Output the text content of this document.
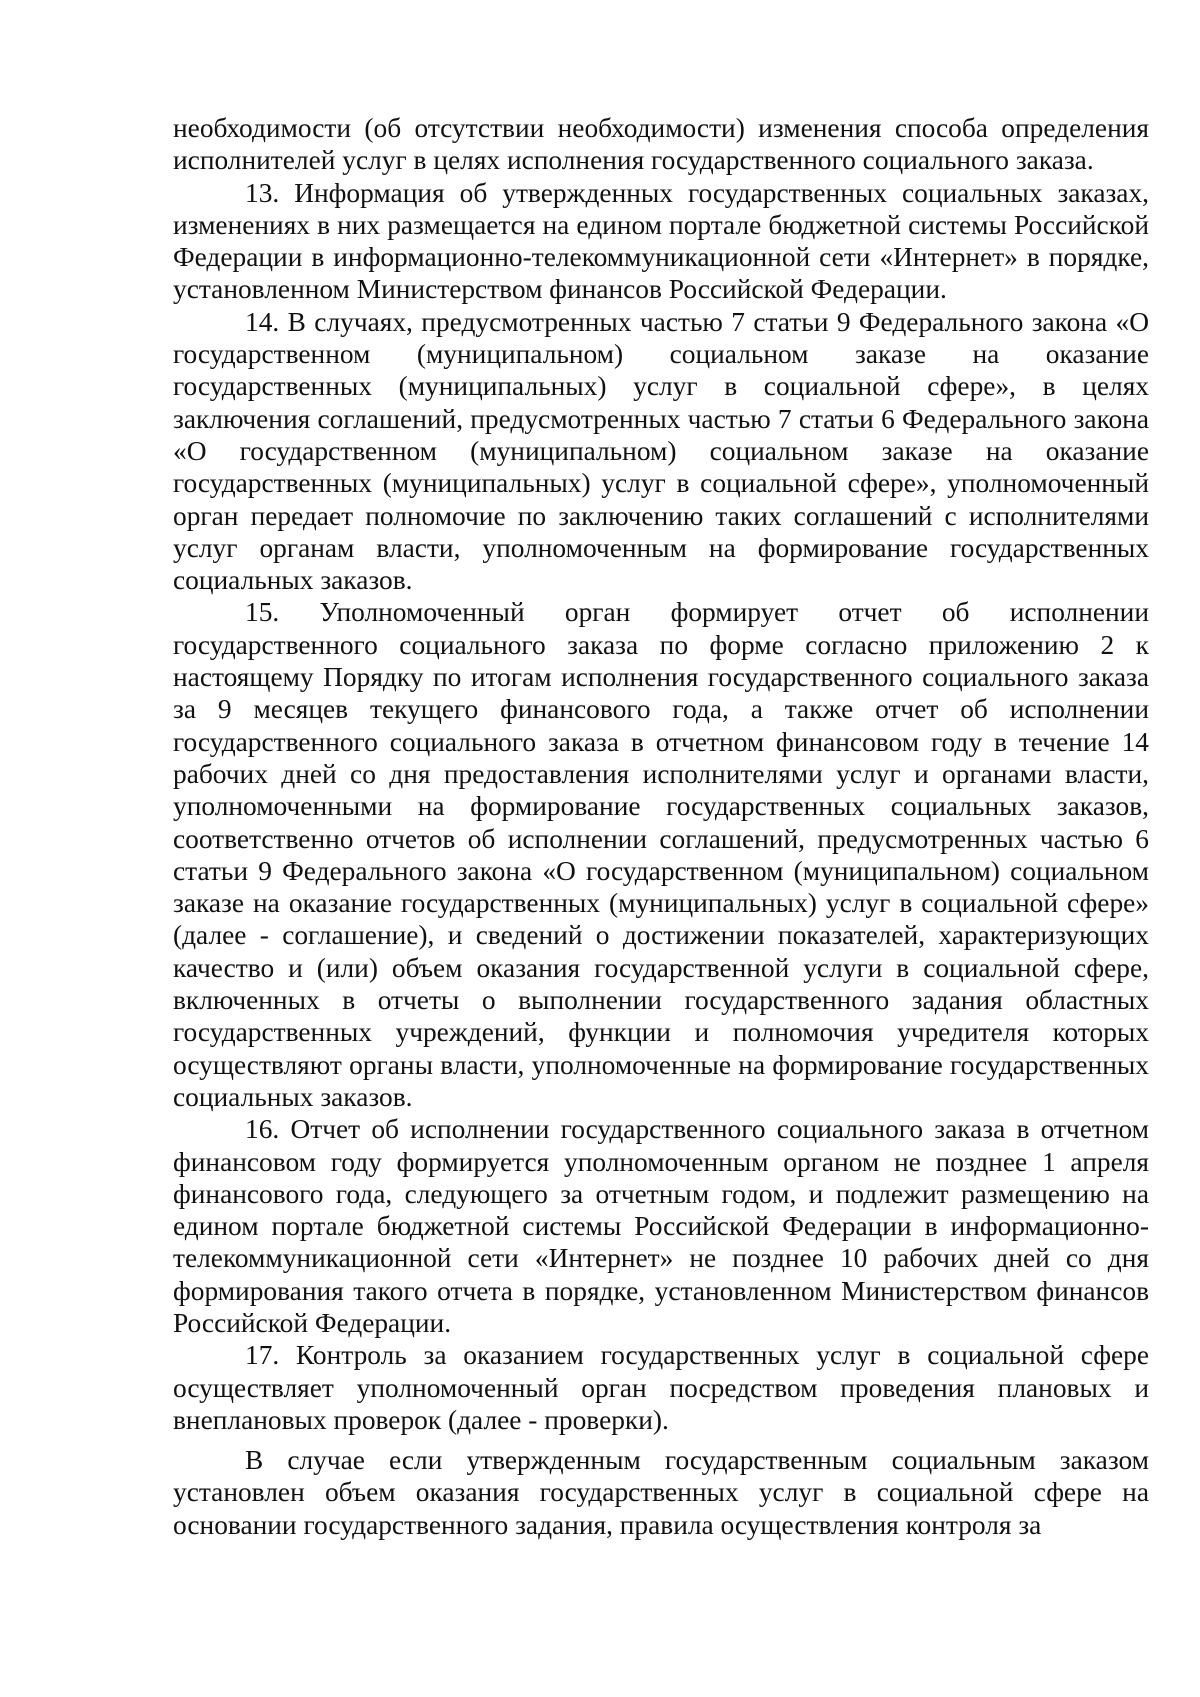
необходимости (об отсутствии необходимости) изменения способа определения исполнителей услуг в целях исполнения государственного социального заказа.

13. Информация об утвержденных государственных социальных заказах, изменениях в них размещается на едином портале бюджетной системы Российской Федерации в информационно-телекоммуникационной сети «Интернет» в порядке, установленном Министерством финансов Российской Федерации.

14. В случаях, предусмотренных частью 7 статьи 9 Федерального закона «О государственном (муниципальном) социальном заказе на оказание государственных (муниципальных) услуг в социальной сфере», в целях заключения соглашений, предусмотренных частью 7 статьи 6 Федерального закона «О государственном (муниципальном) социальном заказе на оказание государственных (муниципальных) услуг в социальной сфере», уполномоченный орган передает полномочие по заключению таких соглашений с исполнителями услуг органам власти, уполномоченным на формирование государственных социальных заказов.

15. Уполномоченный орган формирует отчет об исполнении государственного социального заказа по форме согласно приложению 2 к настоящему Порядку по итогам исполнения государственного социального заказа за 9 месяцев текущего финансового года, а также отчет об исполнении государственного социального заказа в отчетном финансовом году в течение 14 рабочих дней со дня предоставления исполнителями услуг и органами власти, уполномоченными на формирование государственных социальных заказов, соответственно отчетов об исполнении соглашений, предусмотренных частью 6 статьи 9 Федерального закона «О государственном (муниципальном) социальном заказе на оказание государственных (муниципальных) услуг в социальной сфере» (далее - соглашение), и сведений о достижении показателей, характеризующих качество и (или) объем оказания государственной услуги в социальной сфере, включенных в отчеты о выполнении государственного задания областных государственных учреждений, функции и полномочия учредителя которых осуществляют органы власти, уполномоченные на формирование государственных социальных заказов.

16. Отчет об исполнении государственного социального заказа в отчетном финансовом году формируется уполномоченным органом не позднее 1 апреля финансового года, следующего за отчетным годом, и подлежит размещению на едином портале бюджетной системы Российской Федерации в информационно-телекоммуникационной сети «Интернет» не позднее 10 рабочих дней со дня формирования такого отчета в порядке, установленном Министерством финансов Российской Федерации.

17. Контроль за оказанием государственных услуг в социальной сфере осуществляет уполномоченный орган посредством проведения плановых и внеплановых проверок (далее - проверки).

В случае если утвержденным государственным социальным заказом установлен объем оказания государственных услуг в социальной сфере на основании государственного задания, правила осуществления контроля за
